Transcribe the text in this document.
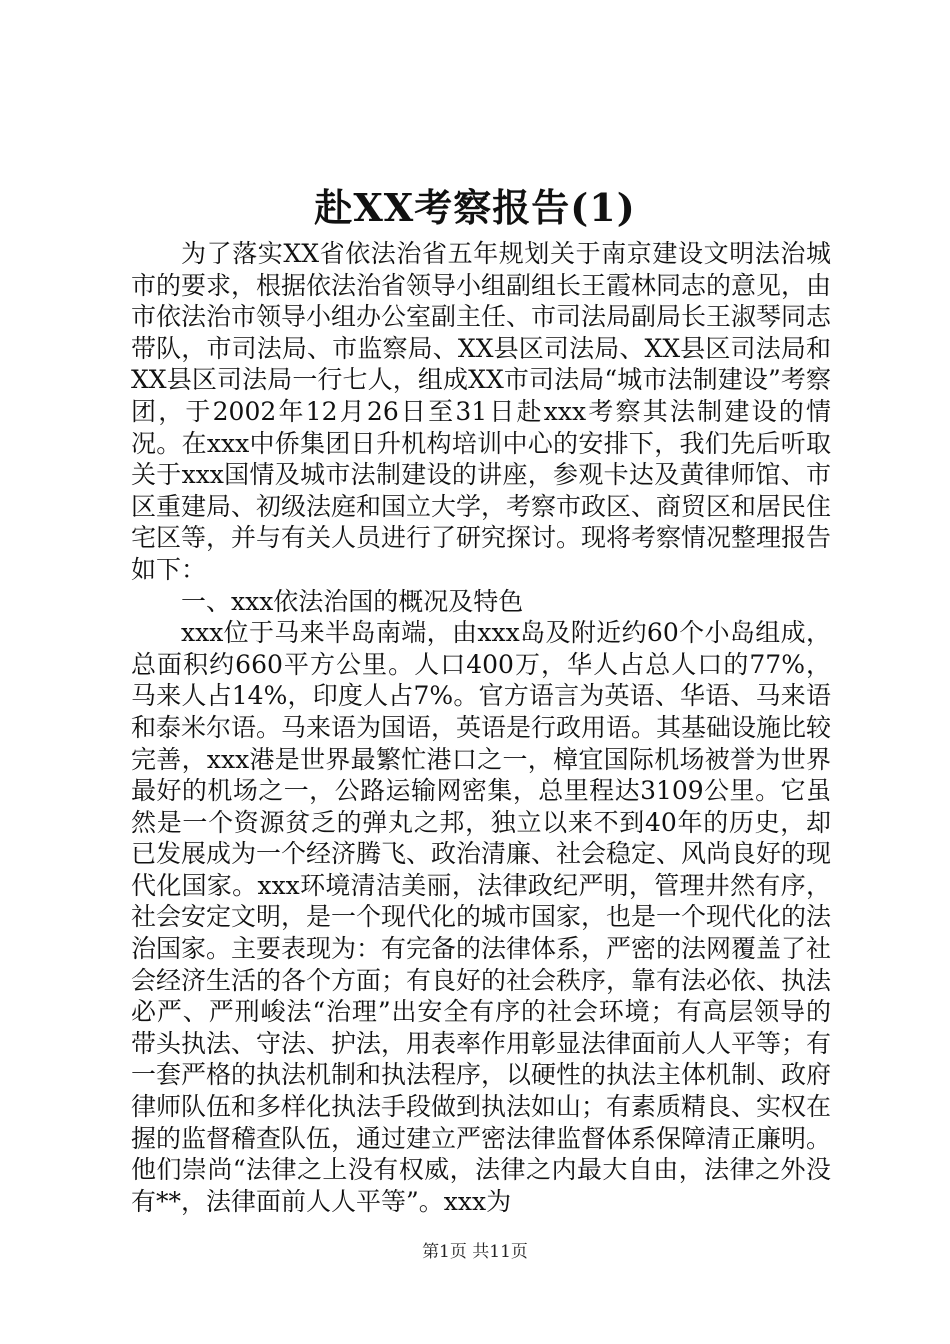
赴XX考察报告(1)

为了落实XX省依法治省五年规划关于南京建设文明法治城市的要求，根据依法治省领导小组副组长王霞林同志的意见，由市依法治市领导小组办公室副主任、市司法局副局长王淑琴同志带队，市司法局、市监察局、XX县区司法局、XX县区司法局和XX县区司法局一行七人，组成XX市司法局“城市法制建设”考察团，于2002年12月26日至31日赴xxx考察其法制建设的情况。在xxx中侨集团日升机构培训中心的安排下，我们先后听取关于xxx国情及城市法制建设的讲座，参观卡达及黄律师馆、市区重建局、初级法庭和国立大学，考察市政区、商贸区和居民住宅区等，并与有关人员进行了研究探讨。现将考察情况整理报告如下：

一、xxx依法治国的概况及特色

xxx位于马来半岛南端，由xxx岛及附近约60个小岛组成，总面积约660平方公里。人口400万，华人占总人口的77%，马来人占14%，印度人占7%。官方语言为英语、华语、马来语和泰米尔语。马来语为国语，英语是行政用语。其基础设施比较完善，xxx港是世界最繁忙港口之一，樟宜国际机场被誉为世界最好的机场之一，公路运输网密集，总里程达3109公里。它虽然是一个资源贫乏的弹丸之邦，独立以来不到40年的历史，却已发展成为一个经济腾飞、政治清廉、社会稳定、风尚良好的现代化国家。xxx环境清洁美丽，法律政纪严明，管理井然有序，社会安定文明，是一个现代化的城市国家，也是一个现代化的法治国家。主要表现为：有完备的法律体系，严密的法网覆盖了社会经济生活的各个方面；有良好的社会秩序，靠有法必依、执法必严、严刑峻法“治理”出安全有序的社会环境；有高层领导的带头执法、守法、护法，用表率作用彰显法律面前人人平等；有一套严格的执法机制和执法程序，以硬性的执法主体机制、政府律师队伍和多样化执法手段做到执法如山；有素质精良、实权在握的监督稽查队伍，通过建立严密法律监督体系保障清正廉明。他们崇尚“法律之上没有权威，法律之内最大自由，法律之外没有**，法律面前人人平等”。xxx为

第1页 共11页
